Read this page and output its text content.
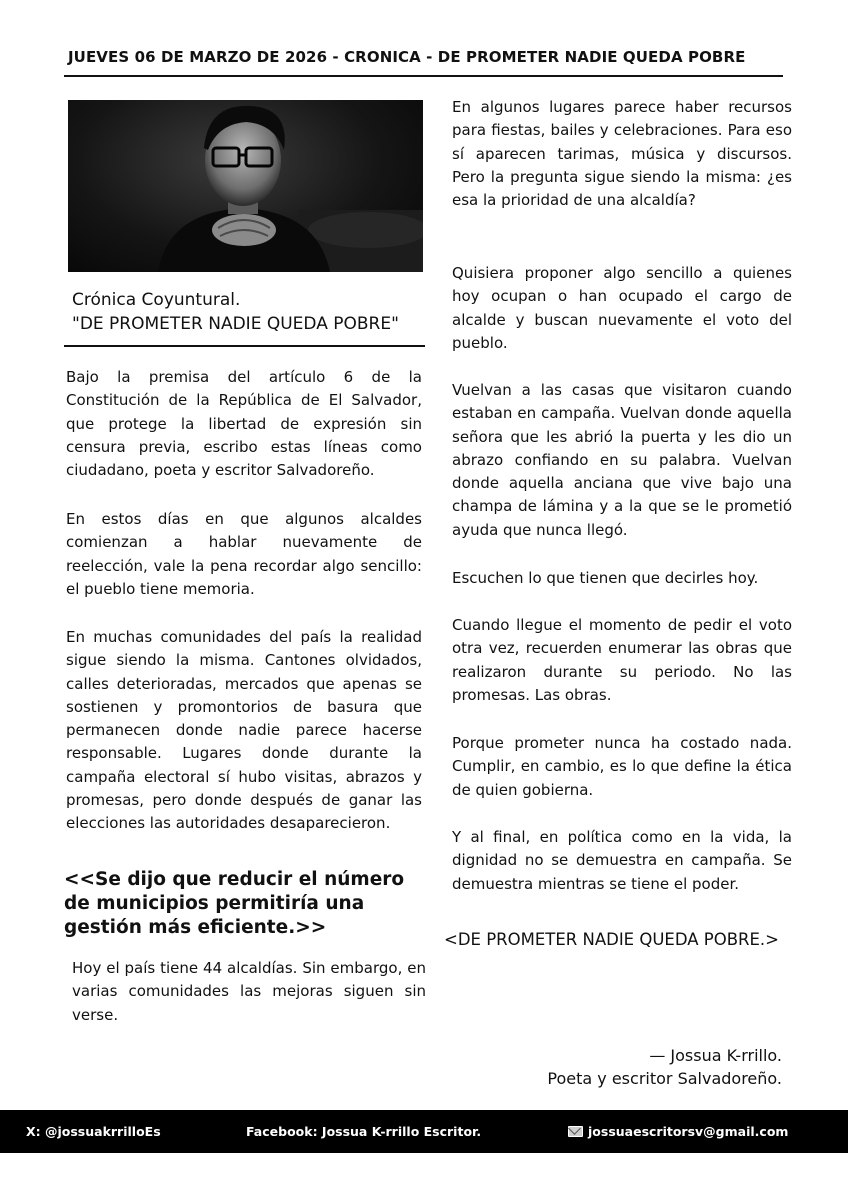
JUEVES 06 DE MARZO DE 2026 - CRONICA - DE PROMETER NADIE QUEDA POBRE
Crónica Coyuntural.
"DE PROMETER NADIE QUEDA POBRE"

Bajo la premisa del artículo 6 de la Constitución de la República de El Salvador, que protege la libertad de expresión sin censura previa, escribo estas líneas como ciudadano, poeta y escritor Salvadoreño.

En estos días en que algunos alcaldes comienzan a hablar nuevamente de reelección, vale la pena recordar algo sencillo: el pueblo tiene memoria.

En muchas comunidades del país la realidad sigue siendo la misma. Cantones olvidados, calles deterioradas, mercados que apenas se sostienen y promontorios de basura que permanecen donde nadie parece hacerse responsable. Lugares donde durante la campaña electoral sí hubo visitas, abrazos y promesas, pero donde después de ganar las elecciones las autoridades desaparecieron.

<<Se dijo que reducir el número de municipios permitiría una gestión más eficiente.>>

Hoy el país tiene 44 alcaldías. Sin embargo, en varias comunidades las mejoras siguen sin verse.

En algunos lugares parece haber recursos para fiestas, bailes y celebraciones. Para eso sí aparecen tarimas, música y discursos. Pero la pregunta sigue siendo la misma: ¿es esa la prioridad de una alcaldía?

Quisiera proponer algo sencillo a quienes hoy ocupan o han ocupado el cargo de alcalde y buscan nuevamente el voto del pueblo.

Vuelvan a las casas que visitaron cuando estaban en campaña. Vuelvan donde aquella señora que les abrió la puerta y les dio un abrazo confiando en su palabra. Vuelvan donde aquella anciana que vive bajo una champa de lámina y a la que se le prometió ayuda que nunca llegó.

Escuchen lo que tienen que decirles hoy.

Cuando llegue el momento de pedir el voto otra vez, recuerden enumerar las obras que realizaron durante su periodo. No las promesas. Las obras.

Porque prometer nunca ha costado nada. Cumplir, en cambio, es lo que define la ética de quien gobierna.

Y al final, en política como en la vida, la dignidad no se demuestra en campaña. Se demuestra mientras se tiene el poder.

<DE PROMETER NADIE QUEDA POBRE.>
— Jossua K-rrillo.
Poeta y escritor Salvadoreño.
X: @jossuakrrilloEs	Facebook: Jossua K-rrillo Escritor.	jossuaescritorsv@gmail.com
